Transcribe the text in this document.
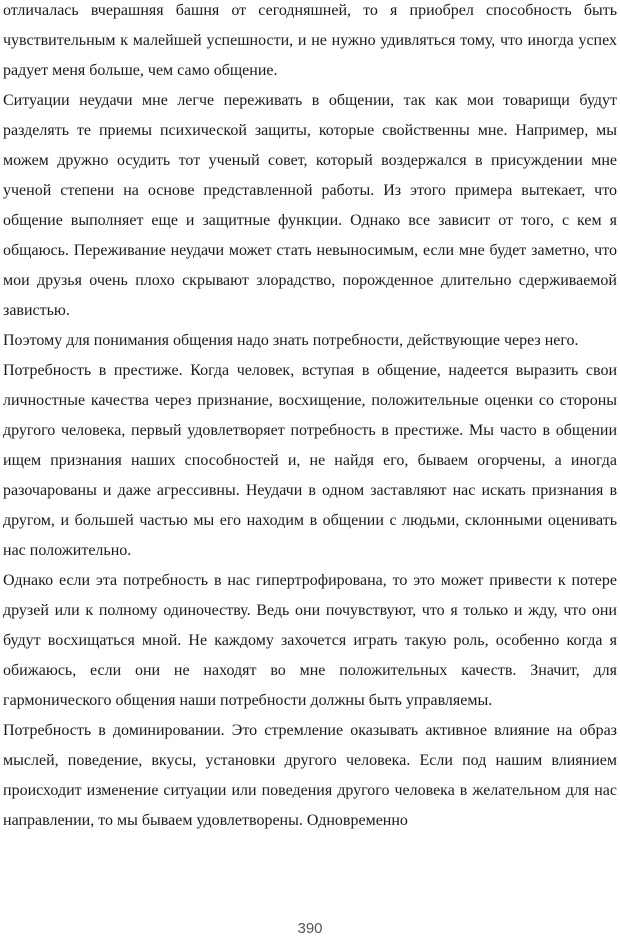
отличалась вчерашняя башня от сегодняшней, то я приобрел способность быть чувствительным к малейшей успешности, и не нужно удивляться тому, что иногда успех радует меня больше, чем само общение.

Ситуации неудачи мне легче переживать в общении, так как мои товарищи будут разделять те приемы психической защиты, которые свойственны мне. Например, мы можем дружно осудить тот ученый совет, который воздержался в присуждении мне ученой степени на основе представленной работы. Из этого примера вытекает, что общение выполняет еще и защитные функции. Однако все зависит от того, с кем я общаюсь. Переживание неудачи может стать невыносимым, если мне будет заметно, что мои друзья очень плохо скрывают злорадство, порожденное длительно сдерживаемой завистью.

Поэтому для понимания общения надо знать потребности, действующие через него.

Потребность в престиже. Когда человек, вступая в общение, надеется выразить свои личностные качества через признание, восхищение, положительные оценки со стороны другого человека, первый удовлетворяет потребность в престиже. Мы часто в общении ищем признания наших способностей и, не найдя его, бываем огорчены, а иногда разочарованы и даже агрессивны. Неудачи в одном заставляют нас искать признания в другом, и большей частью мы его находим в общении с людьми, склонными оценивать нас положительно.

Однако если эта потребность в нас гипертрофирована, то это может привести к потере друзей или к полному одиночеству. Ведь они почувствуют, что я только и жду, что они будут восхищаться мной. Не каждому захочется играть такую роль, особенно когда я обижаюсь, если они не находят во мне положительных качеств. Значит, для гармонического общения наши потребности должны быть управляемы.

Потребность в доминировании. Это стремление оказывать активное влияние на образ мыслей, поведение, вкусы, установки другого человека. Если под нашим влиянием происходит изменение ситуации или поведения другого человека в желательном для нас направлении, то мы бываем удовлетворены. Одновременно

390
